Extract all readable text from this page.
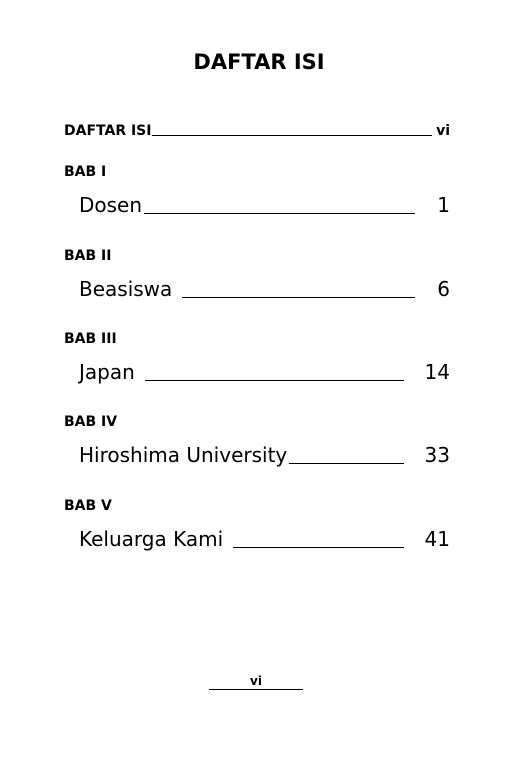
DAFTAR ISI
DAFTAR ISI	vi
BAB I
Dosen	1
BAB II
Beasiswa	6
BAB III
Japan	14
BAB IV
Hiroshima University	33
BAB V
Keluarga Kami	41
vi
